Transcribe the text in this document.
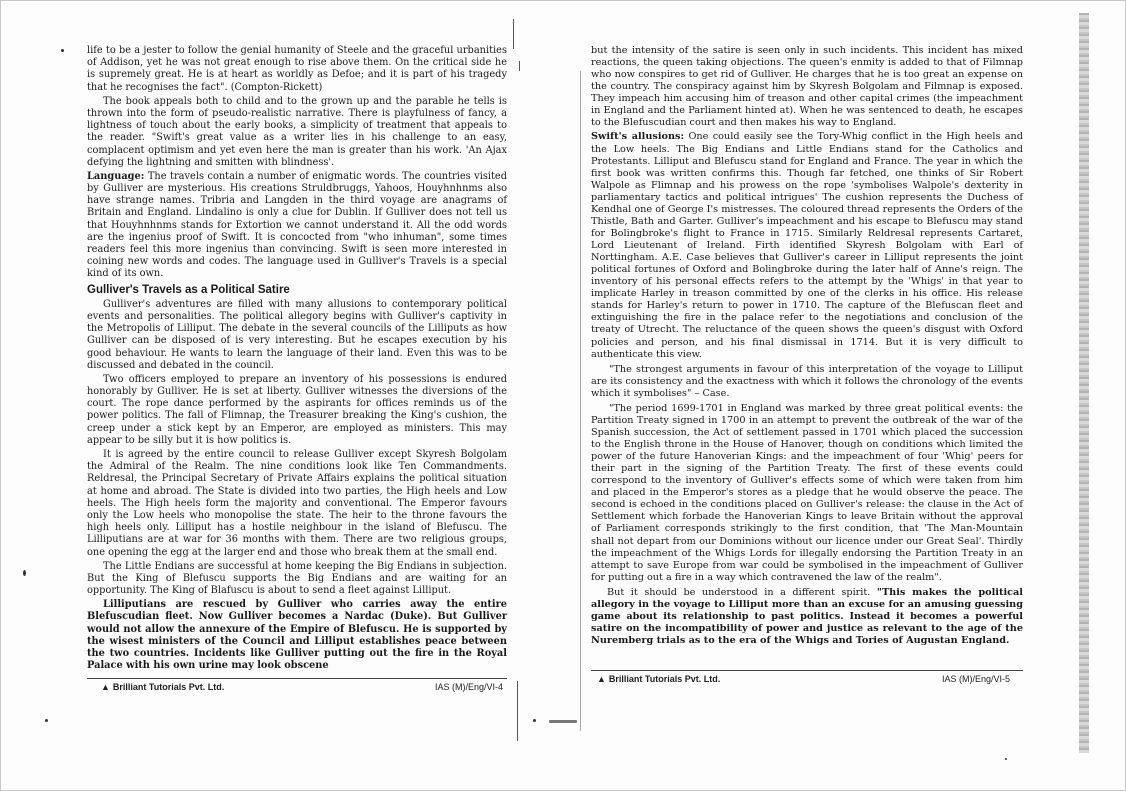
life to be a jester to follow the genial humanity of Steele and the graceful urbanities of Addison, yet he was not great enough to rise above them. On the critical side he is supremely great. He is at heart as worldly as Defoe; and it is part of his tragedy that he recognises the fact". (Compton-Rickett)

The book appeals both to child and to the grown up and the parable he tells is thrown into the form of pseudo-realistic narrative. There is playfulness of fancy, a lightness of touch about the early books, a simplicity of treatment that appeals to the reader. "Swift's great value as a writer lies in his challenge to an easy, complacent optimism and yet even here the man is greater than his work. 'An Ajax defying the lightning and smitten with blindness'.

Language: The travels contain a number of enigmatic words. The countries visited by Gulliver are mysterious. His creations Struldbruggs, Yahoos, Houyhnhnms also have strange names. Tribria and Langden in the third voyage are anagrams of Britain and England. Lindalino is only a clue for Dublin. If Gulliver does not tell us that Houyhnhnms stands for Extortion we cannot understand it. All the odd words are the ingenius proof of Swift. It is concocted from "who inhuman", some times readers feel this more ingenius than convincing. Swift is seen more interested in coining new words and codes. The language used in Gulliver's Travels is a special kind of its own.

Gulliver's Travels as a Political Satire

Gulliver's adventures are filled with many allusions to contemporary political events and personalities. The political allegory begins with Gulliver's captivity in the Metropolis of Lilliput. The debate in the several councils of the Lilliputs as how Gulliver can be disposed of is very interesting. But he escapes execution by his good behaviour. He wants to learn the language of their land. Even this was to be discussed and debated in the council.

Two officers employed to prepare an inventory of his possessions is endured honorably by Gulliver. He is set at liberty. Gulliver witnesses the diversions of the court. The rope dance performed by the aspirants for offices reminds us of the power politics. The fall of Flimnap, the Treasurer breaking the King's cushion, the creep under a stick kept by an Emperor, are employed as ministers. This may appear to be silly but it is how politics is.

It is agreed by the entire council to release Gulliver except Skyresh Bolgolam the Admiral of the Realm. The nine conditions look like Ten Commandments. Reldresal, the Principal Secretary of Private Affairs explains the political situation at home and abroad. The State is divided into two parties, the High heels and Low heels. The High heels form the majority and conventional. The Emperor favours only the Low heels who monopolise the state. The heir to the throne favours the high heels only. Lilliput has a hostile neighbour in the island of Blefuscu. The Lilliputians are at war for 36 months with them. There are two religious groups, one opening the egg at the larger end and those who break them at the small end.

The Little Endians are successful at home keeping the Big Endians in subjection. But the King of Blefuscu supports the Big Endians and are waiting for an opportunity. The King of Blafuscu is about to send a fleet against Lilliput.

Lilliputians are rescued by Gulliver who carries away the entire Blefuscudian fleet. Now Gulliver becomes a Nardac (Duke). But Gulliver would not allow the annexure of the Empire of Blefuscu. He is supported by the wisest ministers of the Council and Lilliput establishes peace between the two countries. Incidents like Gulliver putting out the fire in the Royal Palace with his own urine may look obscene

▲ Brilliant Tutorials Pvt. Ltd.	IAS (M)/Eng/VI-4

but the intensity of the satire is seen only in such incidents. This incident has mixed reactions, the queen taking objections. The queen's enmity is added to that of Filmnap who now conspires to get rid of Gulliver. He charges that he is too great an expense on the country. The conspiracy against him by Skyresh Bolgolam and Filmnap is exposed. They impeach him accusing him of treason and other capital crimes (the impeachment in England and the Parliament hinted at). When he was sentenced to death, he escapes to the Blefuscudian court and then makes his way to England.

Swift's allusions: One could easily see the Tory-Whig conflict in the High heels and the Low heels. The Big Endians and Little Endians stand for the Catholics and Protestants. Lilliput and Blefuscu stand for England and France. The year in which the first book was written confirms this. Though far fetched, one thinks of Sir Robert Walpole as Flimnap and his prowess on the rope 'symbolises Walpole's dexterity in parliamentary tactics and political intrigues' The cushion represents the Duchess of Kendhal one of George I's mistresses. The coloured thread represents the Orders of the Thistle, Bath and Garter. Gulliver's impeachment and his escape to Blefuscu may stand for Bolingbroke's flight to France in 1715. Similarly Reldresal represents Cartaret, Lord Lieutenant of Ireland. Firth identified Skyresh Bolgolam with Earl of Norttingham. A.E. Case believes that Gulliver's career in Lilliput represents the joint political fortunes of Oxford and Bolingbroke during the later half of Anne's reign. The inventory of his personal effects refers to the attempt by the 'Whigs' in that year to implicate Harley in treason committed by one of the clerks in his office. His release stands for Harley's return to power in 1710. The capture of the Blefuscan fleet and extinguishing the fire in the palace refer to the negotiations and conclusion of the treaty of Utrecht. The reluctance of the queen shows the queen's disgust with Oxford policies and person, and his final dismissal in 1714. But it is very difficult to authenticate this view.

"The strongest arguments in favour of this interpretation of the voyage to Lilliput are its consistency and the exactness with which it follows the chronology of the events which it symbolises" – Case.

"The period 1699-1701 in England was marked by three great political events: the Partition Treaty signed in 1700 in an attempt to prevent the outbreak of the war of the Spanish succession, the Act of settlement passed in 1701 which placed the succession to the English throne in the House of Hanover, though on conditions which limited the power of the future Hanoverian Kings: and the impeachment of four 'Whig' peers for their part in the signing of the Partition Treaty. The first of these events could correspond to the inventory of Gulliver's effects some of which were taken from him and placed in the Emperor's stores as a pledge that he would observe the peace. The second is echoed in the conditions placed on Gulliver's release: the clause in the Act of Settlement which forbade the Hanoverian Kings to leave Britain without the approval of Parliament corresponds strikingly to the first condition, that 'The Man-Mountain shall not depart from our Dominions without our licence under our Great Seal'. Thirdly the impeachment of the Whigs Lords for illegally endorsing the Partition Treaty in an attempt to save Europe from war could be symbolised in the impeachment of Gulliver for putting out a fire in a way which contravened the law of the realm".

But it should be understood in a different spirit. "This makes the political allegory in the voyage to Lilliput more than an excuse for an amusing guessing game about its relationship to past politics. Instead it becomes a powerful satire on the incompatibility of power and justice as relevant to the age of the Nuremberg trials as to the era of the Whigs and Tories of Augustan England.

▲ Brilliant Tutorials Pvt. Ltd.	IAS (M)/Eng/VI-5
